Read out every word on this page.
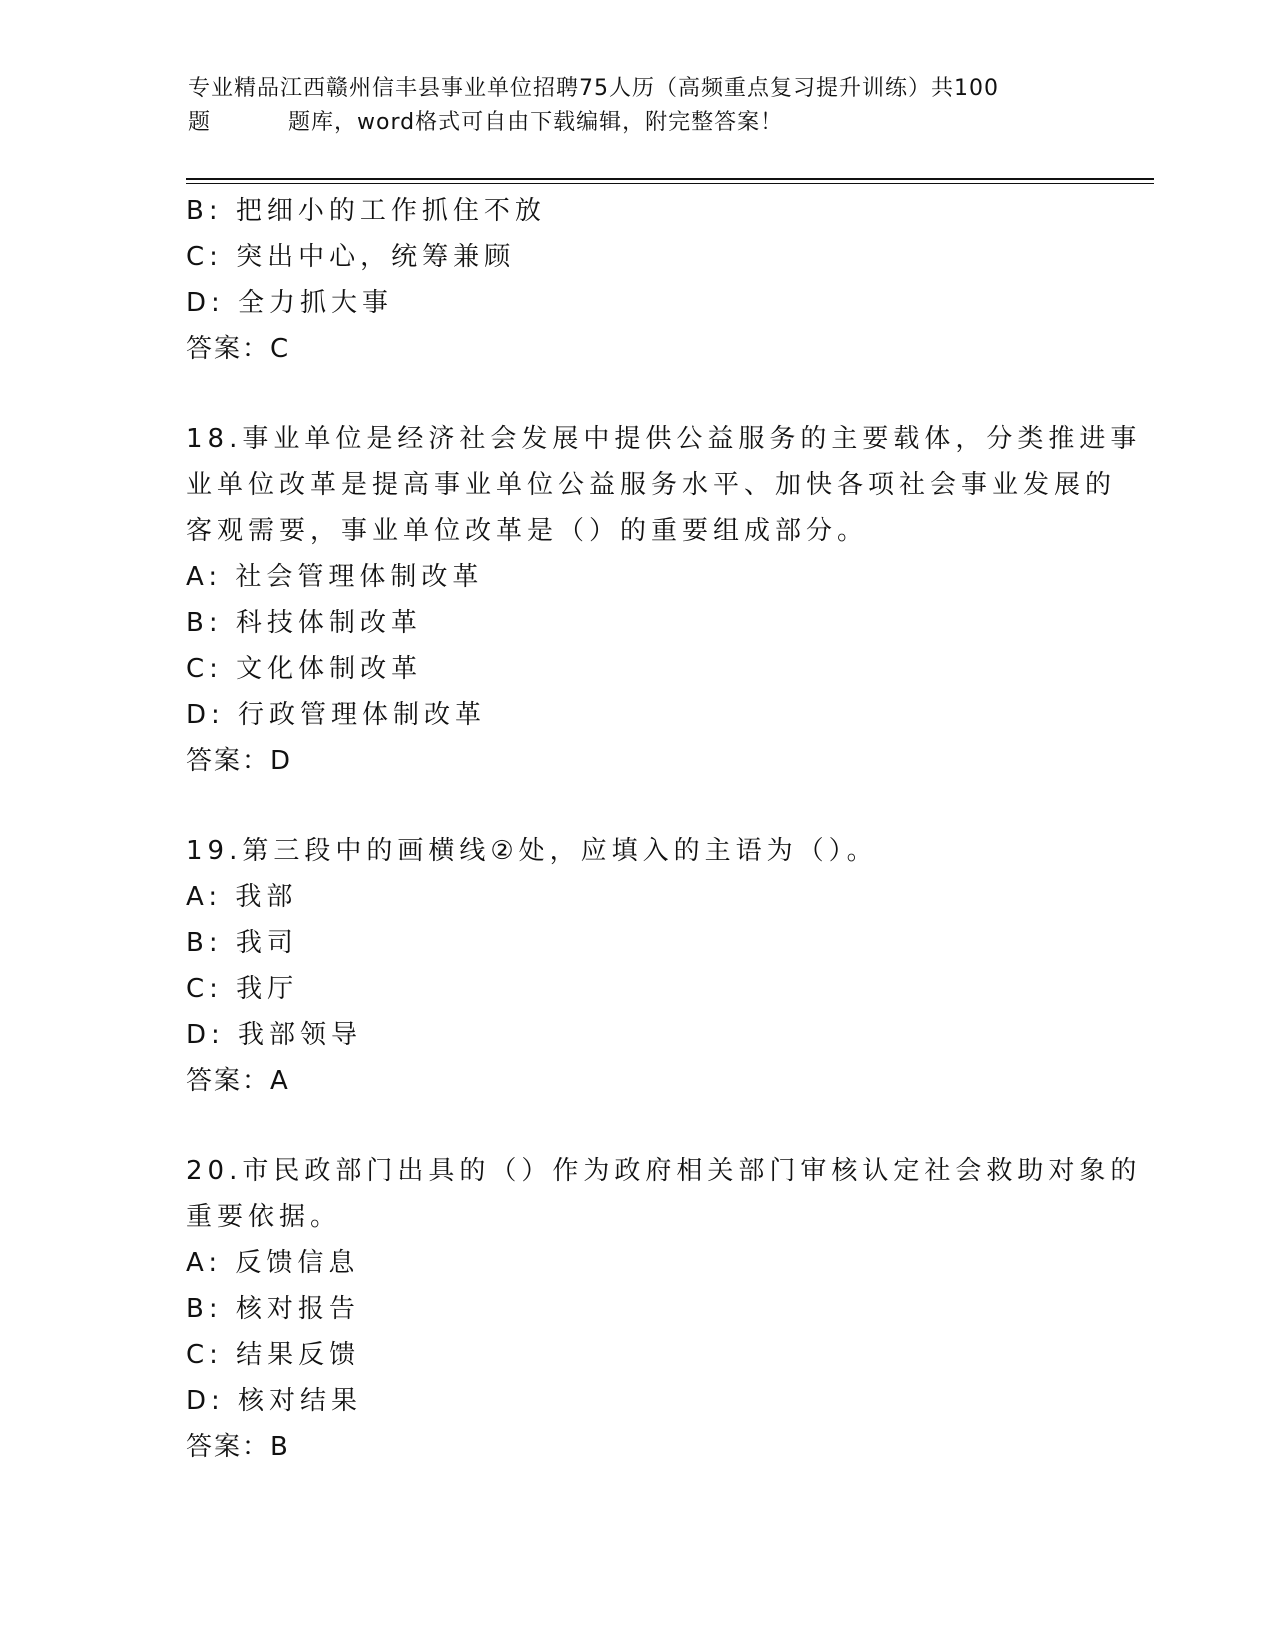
专业精品江西赣州信丰县事业单位招聘75人历（高频重点复习提升训练）共100
题	题库，word格式可自由下载编辑，附完整答案！
B: 把细小的工作抓住不放
C: 突出中心，统筹兼顾
D: 全力抓大事
答案：C
18.事业单位是经济社会发展中提供公益服务的主要载体，分类推进事
业单位改革是提高事业单位公益服务水平、加快各项社会事业发展的
客观需要，事业单位改革是（）的重要组成部分。
A: 社会管理体制改革
B: 科技体制改革
C: 文化体制改革
D: 行政管理体制改革
答案：D
19.第三段中的画横线②处，应填入的主语为（）。
A: 我部
B: 我司
C: 我厅
D: 我部领导
答案：A
20.市民政部门出具的（）作为政府相关部门审核认定社会救助对象的
重要依据。
A: 反馈信息
B: 核对报告
C: 结果反馈
D: 核对结果
答案：B
